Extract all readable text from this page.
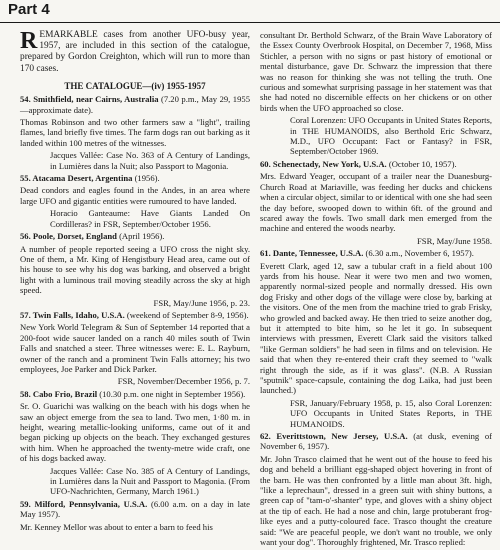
Part 4

REMARKABLE cases from another UFO-busy year, 1957, are included in this section of the catalogue, prepared by Gordon Creighton, which will run to more than 170 cases.

THE CATALOGUE—(iv) 1955-1957

54. Smithfield, near Cairns, Australia (7.20 p.m., May 29, 1955—approximate date).

Thomas Robinson and two other farmers saw a "light", trailing flames, land briefly five times. The farm dogs ran out barking as it landed within 100 metres of the witnesses.

Jacques Vallée: Case No. 363 of A Century of Landings, in Lumières dans la Nuit; also Passport to Magonia.

55. Atacama Desert, Argentina (1956).

Dead condors and eagles found in the Andes, in an area where large UFO and gigantic entities were rumoured to have landed.

Horacio Ganteaume: Have Giants Landed On Cordilleras? in FSR, September/October 1956.

56. Poole, Dorset, England (April 1956).

A number of people reported seeing a UFO cross the night sky. One of them, a Mr. King of Hengistbury Head area, came out of his house to see why his dog was barking, and observed a bright light with a luminous trail moving steadily across the sky at high speed.

FSR, May/June 1956, p. 23.

57. Twin Falls, Idaho, U.S.A. (weekend of September 8-9, 1956).

New York World Telegram & Sun of September 14 reported that a 200-foot wide saucer landed on a ranch 40 miles south of Twin Falls and snatched a steer. Three witnesses were: E. L. Rayburn, owner of the ranch and a prominent Twin Falls attorney; his two employees, Joe Parker and Dick Parker.

FSR, November/December 1956, p. 7.

58. Cabo Frio, Brazil (10.30 p.m. one night in September 1956).

Sr. O. Guarichi was walking on the beach with his dogs when he saw an object emerge from the sea to land. Two men, 1·80 m. in height, wearing metallic-looking uniforms, came out of it and began picking up objects on the beach. They exchanged gestures with him. When he approached the twenty-metre wide craft, one of his dogs backed away.

Jacques Vallée: Case No. 385 of A Century of Landings, in Lumières dans la Nuit and Passport to Magonia. (From UFO-Nachrichten, Germany, March 1961.)

59. Milford, Pennsylvania, U.S.A. (6.00 a.m. on a day in late May 1957).

Mr. Kenney Mellor was about to enter a barn to feed his

consultant Dr. Berthold Schwarz, of the Brain Wave Laboratory of the Essex County Overbrook Hospital, on December 7, 1968, Miss Stichler, a person with no signs or past history of emotional or mental disturbance, gave Dr. Schwarz the impression that there was no reason for thinking she was not telling the truth. One curious and somewhat surprising passage in her statement was that she had noted no discernible effects on her chickens or on other birds when the UFO approached so close.

Coral Lorenzen: UFO Occupants in United States Reports, in THE HUMANOIDS, also Berthold Eric Schwarz, M.D., UFO Occupant: Fact or Fantasy? in FSR, September/October 1969.

60. Schenectady, New York, U.S.A. (October 10, 1957).

Mrs. Edward Yeager, occupant of a trailer near the Duanesburg-Church Road at Mariaville, was feeding her ducks and chickens when a circular object, similar to or identical with one she had seen the day before, swooped down to within 6ft. of the ground and scared away the fowls. Two small dark men emerged from the machine and entered the woods nearby.

FSR, May/June 1958.

61. Dante, Tennessee, U.S.A. (6.30 a.m., November 6, 1957).

Everett Clark, aged 12, saw a tubular craft in a field about 100 yards from his house. Near it were two men and two women, apparently normal-sized people and normally dressed. His own dog Frisky and other dogs of the village were close by, barking at the visitors. One of the men from the machine tried to grab Frisky, who growled and backed away. He then tried to seize another dog, but it attempted to bite him, so he let it go. In subsequent interviews with pressmen, Everett Clark said the visitors talked "like German soldiers" he had seen in films and on television. He said that when they re-entered their craft they seemed to "walk right through the side, as if it was glass". (N.B. A Russian "sputnik" space-capsule, containing the dog Laika, had just been launched.)

FSR, January/February 1958, p. 15, also Coral Lorenzen: UFO Occupants in United States Reports, in THE HUMANOIDS.

62. Everittstown, New Jersey, U.S.A. (at dusk, evening of November 6, 1957).

Mr. John Trasco claimed that he went out of the house to feed his dog and beheld a brilliant egg-shaped object hovering in front of the barn. He was then confronted by a little man about 3ft. high, "like a leprechaun", dressed in a green suit with shiny buttons, a green cap of "tam-o'-shanter" type, and gloves with a shiny object at the tip of each. He had a nose and chin, large protuberant frog-like eyes and a putty-coloured face. Trasco thought the creature said: "We are peaceful people, we don't want no trouble, we only want your dog". Thoroughly frightened, Mr. Trasco replied:
